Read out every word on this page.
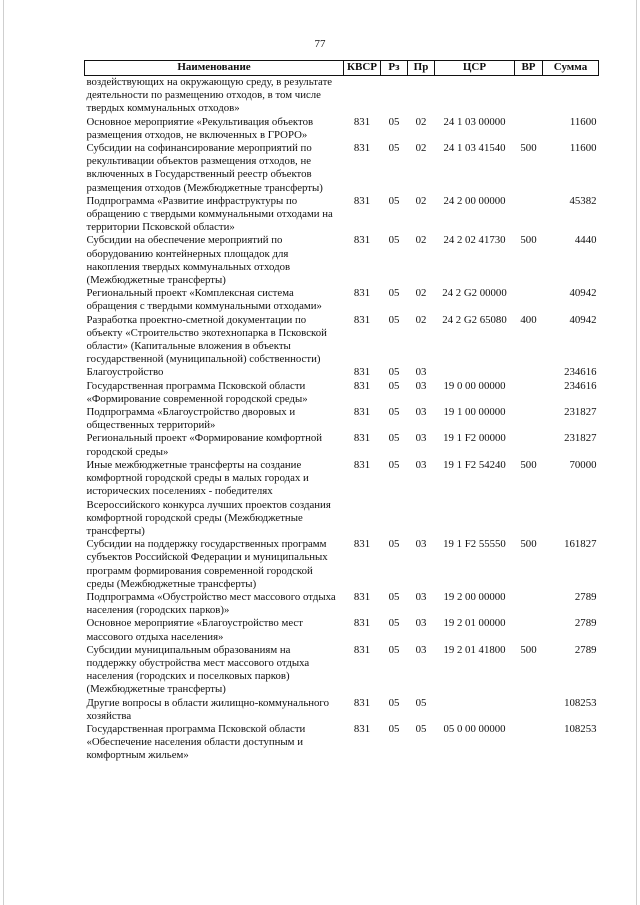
77
Наименование	КВСР	Рз	Пр	ЦСР	ВР	Сумма
воздействующих на окружающую среду, в результате деятельности по размещению отходов, в том числе твердых коммунальных отходов»						
Основное мероприятие «Рекультивация объектов размещения отходов, не включенных в ГРОРО»	831	05	02	24 1 03 00000		11600
Субсидии на софинансирование мероприятий по рекультивации объектов размещения отходов, не включенных в Государственный реестр объектов размещения отходов (Межбюджетные трансферты)	831	05	02	24 1 03 41540	500	11600
Подпрограмма «Развитие инфраструктуры по обращению с твердыми коммунальными отходами на территории Псковской области»	831	05	02	24 2 00 00000		45382
Субсидии на обеспечение мероприятий по оборудованию контейнерных площадок для накопления твердых коммунальных отходов (Межбюджетные трансферты)	831	05	02	24 2 02 41730	500	4440
Региональный проект «Комплексная система обращения с твердыми коммунальными отходами»	831	05	02	24 2 G2 00000		40942
Разработка проектно-сметной документации по объекту «Строительство экотехнопарка в Псковской области» (Капитальные вложения в объекты государственной (муниципальной) собственности)	831	05	02	24 2 G2 65080	400	40942
Благоустройство	831	05	03			234616
Государственная программа Псковской области «Формирование современной городской среды»	831	05	03	19 0 00 00000		234616
Подпрограмма «Благоустройство дворовых и общественных территорий»	831	05	03	19 1 00 00000		231827
Региональный проект «Формирование комфортной городской среды»	831	05	03	19 1 F2 00000		231827
Иные межбюджетные трансферты на создание комфортной городской среды в малых городах и исторических поселениях - победителях Всероссийского конкурса лучших проектов создания комфортной городской среды (Межбюджетные трансферты)	831	05	03	19 1 F2 54240	500	70000
Субсидии на поддержку государственных программ субъектов Российской Федерации и муниципальных программ формирования современной городской среды (Межбюджетные трансферты)	831	05	03	19 1 F2 55550	500	161827
Подпрограмма «Обустройство мест массового отдыха населения (городских парков)»	831	05	03	19 2 00 00000		2789
Основное мероприятие «Благоустройство мест массового отдыха населения»	831	05	03	19 2 01 00000		2789
Субсидии муниципальным образованиям на поддержку обустройства мест массового отдыха населения (городских и поселковых парков) (Межбюджетные трансферты)	831	05	03	19 2 01 41800	500	2789
Другие вопросы в области жилищно-коммунального хозяйства	831	05	05			108253
Государственная программа Псковской области «Обеспечение населения области доступным и комфортным жильем»	831	05	05	05 0 00 00000		108253
